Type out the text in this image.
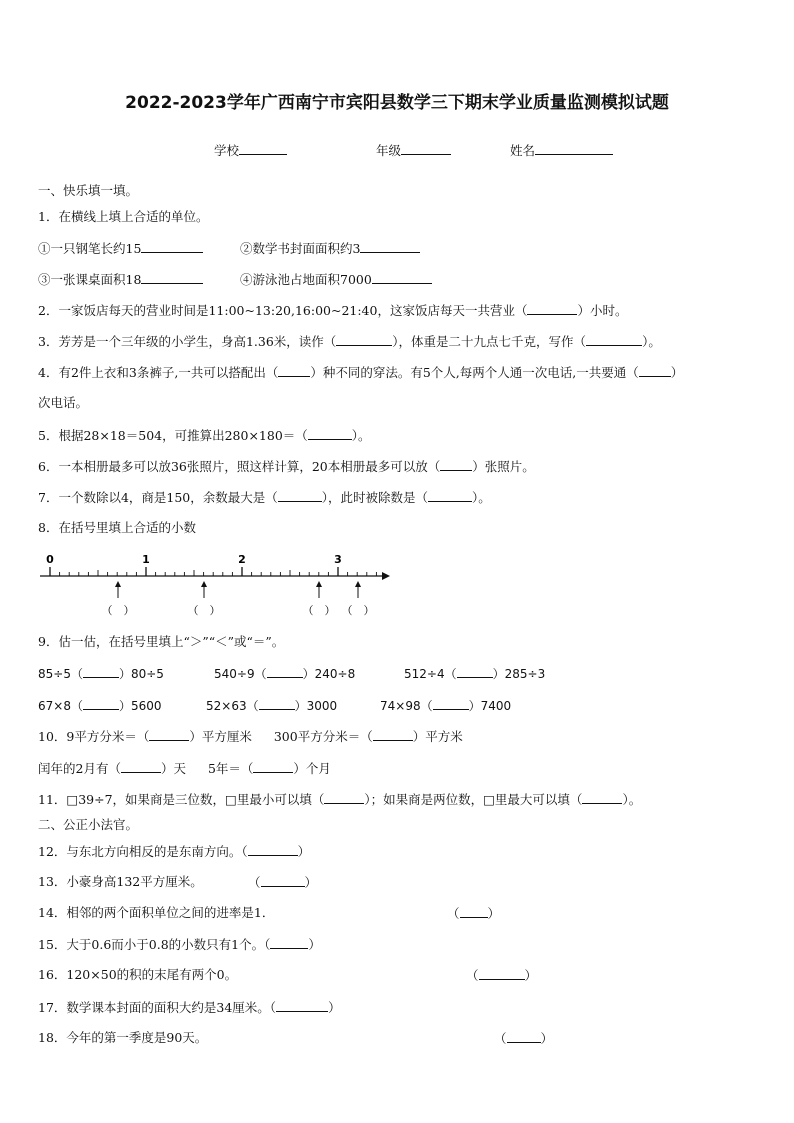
2022-2023学年广西南宁市宾阳县数学三下期末学业质量监测模拟试题
学校	年级	姓名
一、快乐填一填。
1．在横线上填上合适的单位。
①一只钢笔长约15	②数学书封面面积约3
③一张课桌面积18	④游泳池占地面积7000
2．一家饭店每天的营业时间是11:00~13:20,16:00~21:40，这家饭店每天一共营业（	）小时。
3．芳芳是一个三年级的小学生，身高1.36米，读作（	），体重是二十九点七千克，写作（	）。
4．有2件上衣和3条裤子,一共可以搭配出（	）种不同的穿法。有5个人,每两个人通一次电话,一共要通（	）
次电话。
5．根据28×18＝504，可推算出280×180＝（	）。
6．一本相册最多可以放36张照片，照这样计算，20本相册最多可以放（	）张照片。
7．一个数除以4，商是150，余数最大是（	），此时被除数是（	）。
8．在括号里填上合适的小数
0	1	2	3
（　）	（　）	（　） （　）
9．估一估，在括号里填上“＞”“＜”或“＝”。
85÷5（	）80÷5	540÷9（	）240÷8	512÷4（	）285÷3
67×8（	）5600	52×63（	）3000	74×98（	）7400
10．9平方分米＝（	）平方厘米 300平方分米＝（	）平方米
闰年的2月有（	）天 5年＝（	）个月
11．□39÷7，如果商是三位数，□里最小可以填（	）；如果商是两位数，□里最大可以填（	）。
二、公正小法官。
12．与东北方向相反的是东南方向。（	）
13．小豪身高132平方厘米。	（	）
14．相邻的两个面积单位之间的进率是1．	（ ）
15．大于0.6而小于0.8的小数只有1个。（	）
16．120×50的积的末尾有两个0。	（	）
17．数学课本封面的面积大约是34厘米。（	）
18．今年的第一季度是90天。	（	）
